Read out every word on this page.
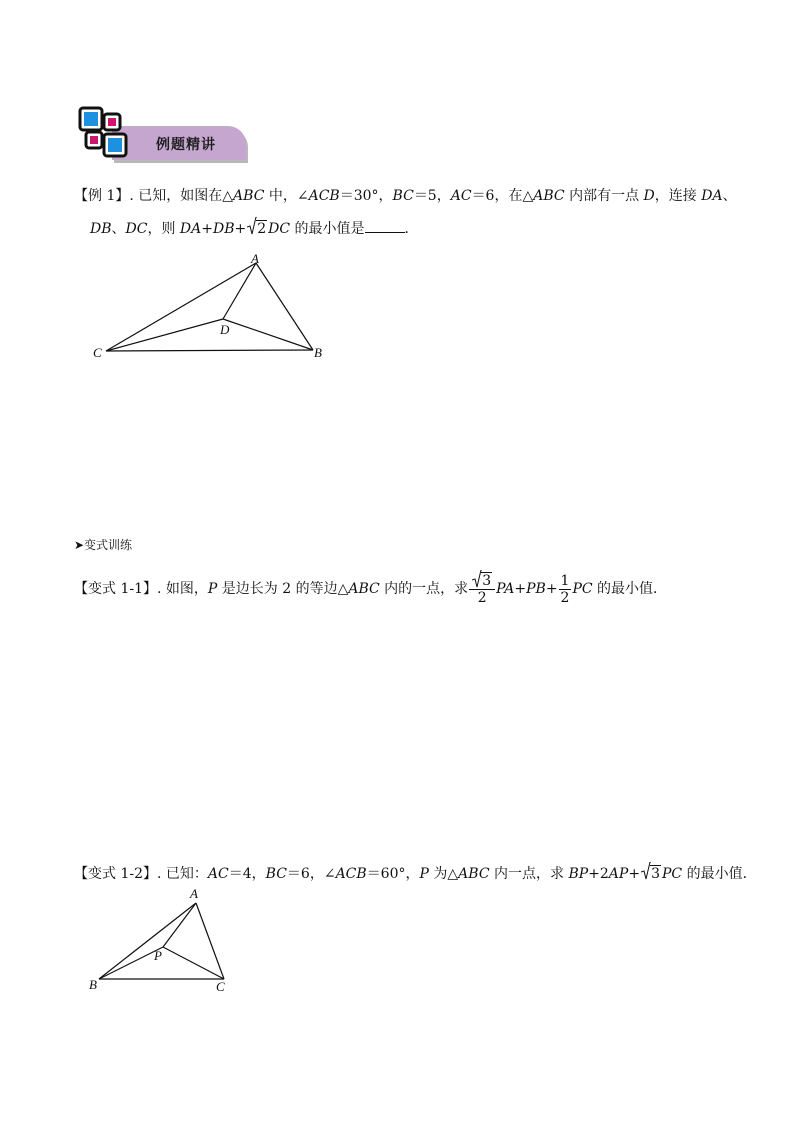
例题精讲
【例 1】. 已知，如图在△ABC 中，∠ACB＝30°，BC＝5，AC＝6，在△ABC 内部有一点 D，连接 DA、
DB、DC，则 DA+DB+ 2 DC 的最小值是	．
A
D
C	B
➤变式训练
【变式 1-1】. 如图，P 是边长为 2 的等边△ABC 内的一点，求 $\frac{3}{2} PA+PB+ \frac{1}{2}$ PC 的最小值．
【变式 1-2】. 已知：AC＝4，BC＝6，∠ACB＝60°，P 为△ABC 内一点，求 BP+2AP+ 3 PC 的最小值．
A
P
B	C
